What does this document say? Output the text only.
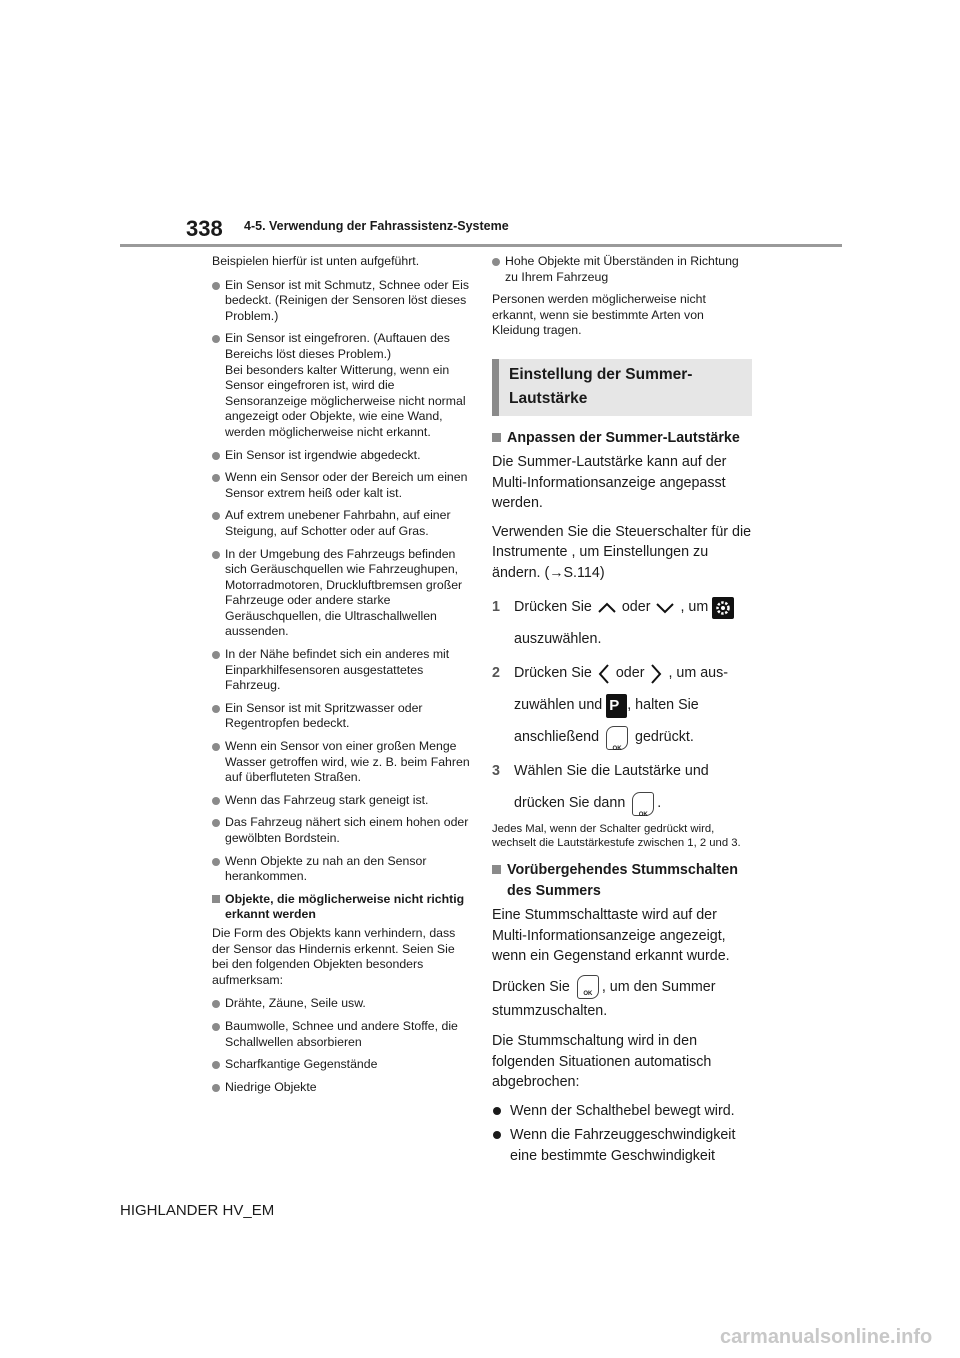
338 4-5. Verwendung der Fahrassistenz-Systeme

Beispielen hierfür ist unten aufgeführt.

Ein Sensor ist mit Schmutz, Schnee oder Eis bedeckt. (Reinigen der Sensoren löst dieses Problem.)
Ein Sensor ist eingefroren. (Auftauen des Bereichs löst dieses Problem.)
Bei besonders kalter Witterung, wenn ein Sensor eingefroren ist, wird die Sensoranzeige möglicherweise nicht normal angezeigt oder Objekte, wie eine Wand, werden möglicherweise nicht erkannt.
Ein Sensor ist irgendwie abgedeckt.
Wenn ein Sensor oder der Bereich um einen Sensor extrem heiß oder kalt ist.
Auf extrem unebener Fahrbahn, auf einer Steigung, auf Schotter oder auf Gras.
In der Umgebung des Fahrzeugs befinden sich Geräuschquellen wie Fahrzeughupen, Motorradmotoren, Druckluftbremsen großer Fahrzeuge oder andere starke Geräuschquellen, die Ultraschallwellen aussenden.
In der Nähe befindet sich ein anderes mit Einparkhilfesensoren ausgestattetes Fahrzeug.
Ein Sensor ist mit Spritzwasser oder Regentropfen bedeckt.
Wenn ein Sensor von einer großen Menge Wasser getroffen wird, wie z. B. beim Fahren auf überfluteten Straßen.
Wenn das Fahrzeug stark geneigt ist.
Das Fahrzeug nähert sich einem hohen oder gewölbten Bordstein.
Wenn Objekte zu nah an den Sensor herankommen.
Objekte, die möglicherweise nicht richtig erkannt werden

Die Form des Objekts kann verhindern, dass der Sensor das Hindernis erkennt. Seien Sie bei den folgenden Objekten besonders aufmerksam:

Drähte, Zäune, Seile usw.
Baumwolle, Schnee und andere Stoffe, die Schallwellen absorbieren
Scharfkantige Gegenstände
Niedrige Objekte
Hohe Objekte mit Überständen in Richtung zu Ihrem Fahrzeug

Personen werden möglicherweise nicht erkannt, wenn sie bestimmte Arten von Kleidung tragen.

Einstellung der Summer-Lautstärke
Anpassen der Summer-Lautstärke

Die Summer-Lautstärke kann auf der Multi-Informationsanzeige angepasst werden.

Verwenden Sie die Steuerschalter für die Instrumente , um Einstellungen zu ändern. (→S.114)

1 Drücken Sie oder , um
auszuwählen.
2 Drücken Sie oder , um aus-
zuwählen und P , halten Sie
anschließend
OK
gedrückt.
3 Wählen Sie die Lautstärke und
drücken Sie dann
OK
.

Jedes Mal, wenn der Schalter gedrückt wird, wechselt die Lautstärkestufe zwischen 1, 2 und 3.

Vorübergehendes Stummschalten des Summers

Eine Stummschalttaste wird auf der Multi-Informationsanzeige angezeigt, wenn ein Gegenstand erkannt wurde.

Drücken Sie	OK , um den Summer stummzuschalten.

Die Stummschaltung wird in den folgenden Situationen automatisch abgebrochen:

Wenn der Schalthebel bewegt wird.
Wenn die Fahrzeuggeschwindigkeit eine bestimmte Geschwindigkeit
HIGHLANDER HV_EM
carmanualsonline.info
